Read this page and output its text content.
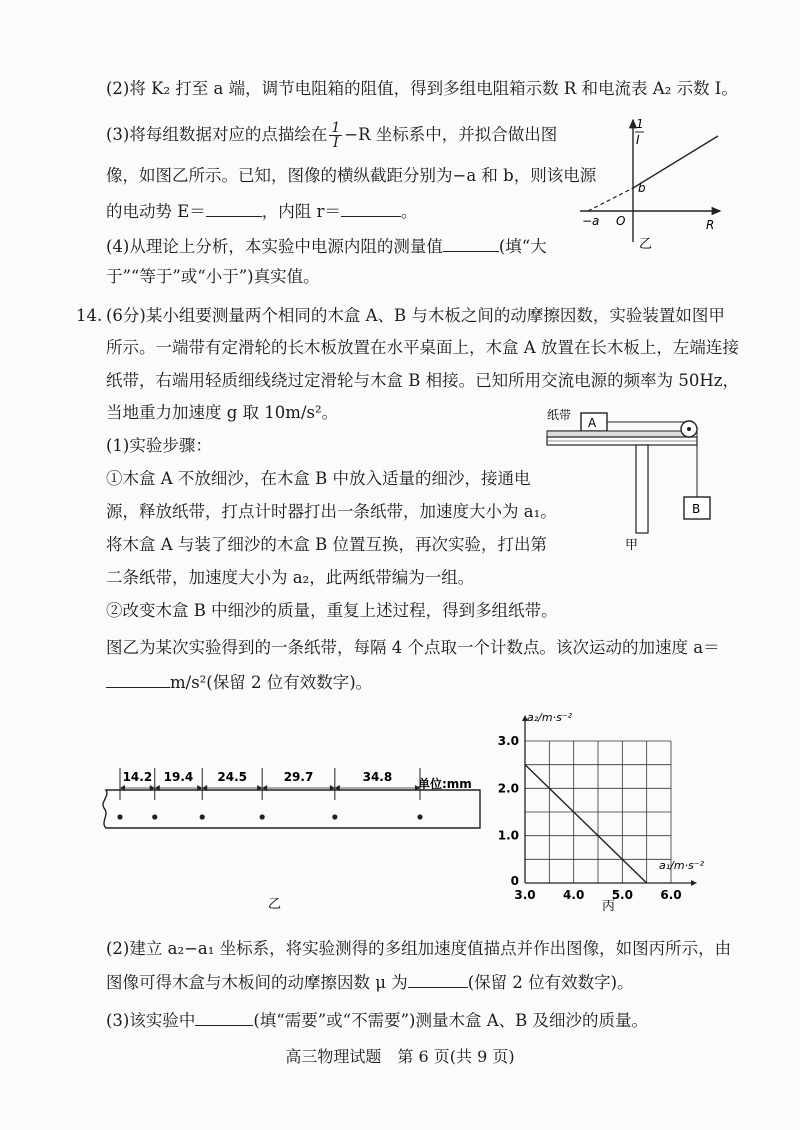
(2)将 K₂ 打至 a 端，调节电阻箱的阻值，得到多组电阻箱示数 R 和电流表 A₂ 示数 I。
(3)将每组数据对应的点描绘在 $\frac{1}{I} -R$ 坐标系中，并拟合做出图
像，如图乙所示。已知，图像的横纵截距分别为−a 和 b，则该电源
的电动势 E＝	，内阻 r＝	。
(4)从理论上分析，本实验中电源内阻的测量值	(填“大
于”“等于”或“小于”)真实值。
1
I
b
O
−a	R
乙
14. (6分)某小组要测量两个相同的木盒 A、B 与木板之间的动摩擦因数，实验装置如图甲
所示。一端带有定滑轮的长木板放置在水平桌面上，木盒 A 放置在长木板上，左端连接
纸带，右端用轻质细线绕过定滑轮与木盒 B 相接。已知所用交流电源的频率为 50Hz，
当地重力加速度 g 取 10m/s²。
(1)实验步骤：
①木盒 A 不放细沙，在木盒 B 中放入适量的细沙，接通电
源，释放纸带，打点计时器打出一条纸带，加速度大小为 a₁。
将木盒 A 与装了细沙的木盒 B 位置互换，再次实验，打出第
二条纸带，加速度大小为 a₂，此两纸带编为一组。
②改变木盒 B 中细沙的质量，重复上述过程，得到多组纸带。
图乙为某次实验得到的一条纸带，每隔 4 个点取一个计数点。该次运动的加速度 a＝
m/s²(保留 2 位有效数字)。
纸带
A
B
甲
14.2 19.4 24.5	29.7	34.8 单位:mm
乙
3.0 4.0 5.0 6.0
0
1.0
2.0
3.0
a₂/m·s⁻²
a₁/m·s⁻²
丙
(2)建立 a₂−a₁ 坐标系，将实验测得的多组加速度值描点并作出图像，如图丙所示，由
图像可得木盒与木板间的动摩擦因数 μ 为	(保留 2 位有效数字)。
(3)该实验中	(填“需要”或“不需要”)测量木盒 A、B 及细沙的质量。
高三物理试题　第 6 页(共 9 页)
